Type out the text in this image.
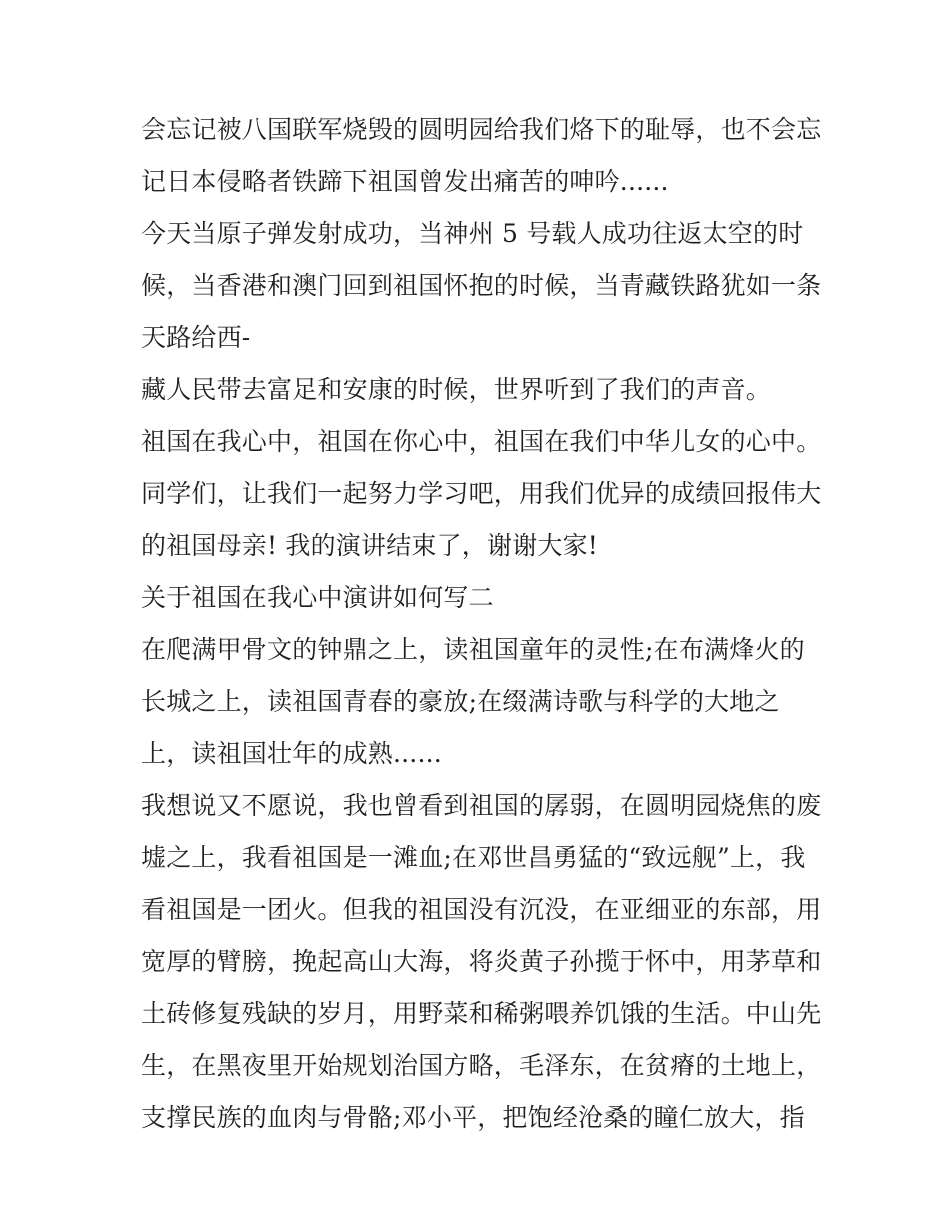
会忘记被八国联军烧毁的圆明园给我们烙下的耻辱，也不会忘
记日本侵略者铁蹄下祖国曾发出痛苦的呻吟......
今天当原子弹发射成功，当神州 5 号载人成功往返太空的时
候，当香港和澳门回到祖国怀抱的时候，当青藏铁路犹如一条
天路给西-
藏人民带去富足和安康的时候，世界听到了我们的声音。
祖国在我心中，祖国在你心中，祖国在我们中华儿女的心中。
同学们，让我们一起努力学习吧，用我们优异的成绩回报伟大
的祖国母亲! 我的演讲结束了，谢谢大家!
关于祖国在我心中演讲如何写二
在爬满甲骨文的钟鼎之上，读祖国童年的灵性;在布满烽火的
长城之上，读祖国青春的豪放;在缀满诗歌与科学的大地之
上，读祖国壮年的成熟......
我想说又不愿说，我也曾看到祖国的孱弱，在圆明园烧焦的废
墟之上，我看祖国是一滩血;在邓世昌勇猛的“致远舰”上，我
看祖国是一团火。但我的祖国没有沉没，在亚细亚的东部，用
宽厚的臂膀，挽起高山大海，将炎黄子孙揽于怀中，用茅草和
土砖修复残缺的岁月，用野菜和稀粥喂养饥饿的生活。中山先
生，在黑夜里开始规划治国方略，毛泽东，在贫瘠的土地上，
支撑民族的血肉与骨骼;邓小平，把饱经沧桑的瞳仁放大，指
